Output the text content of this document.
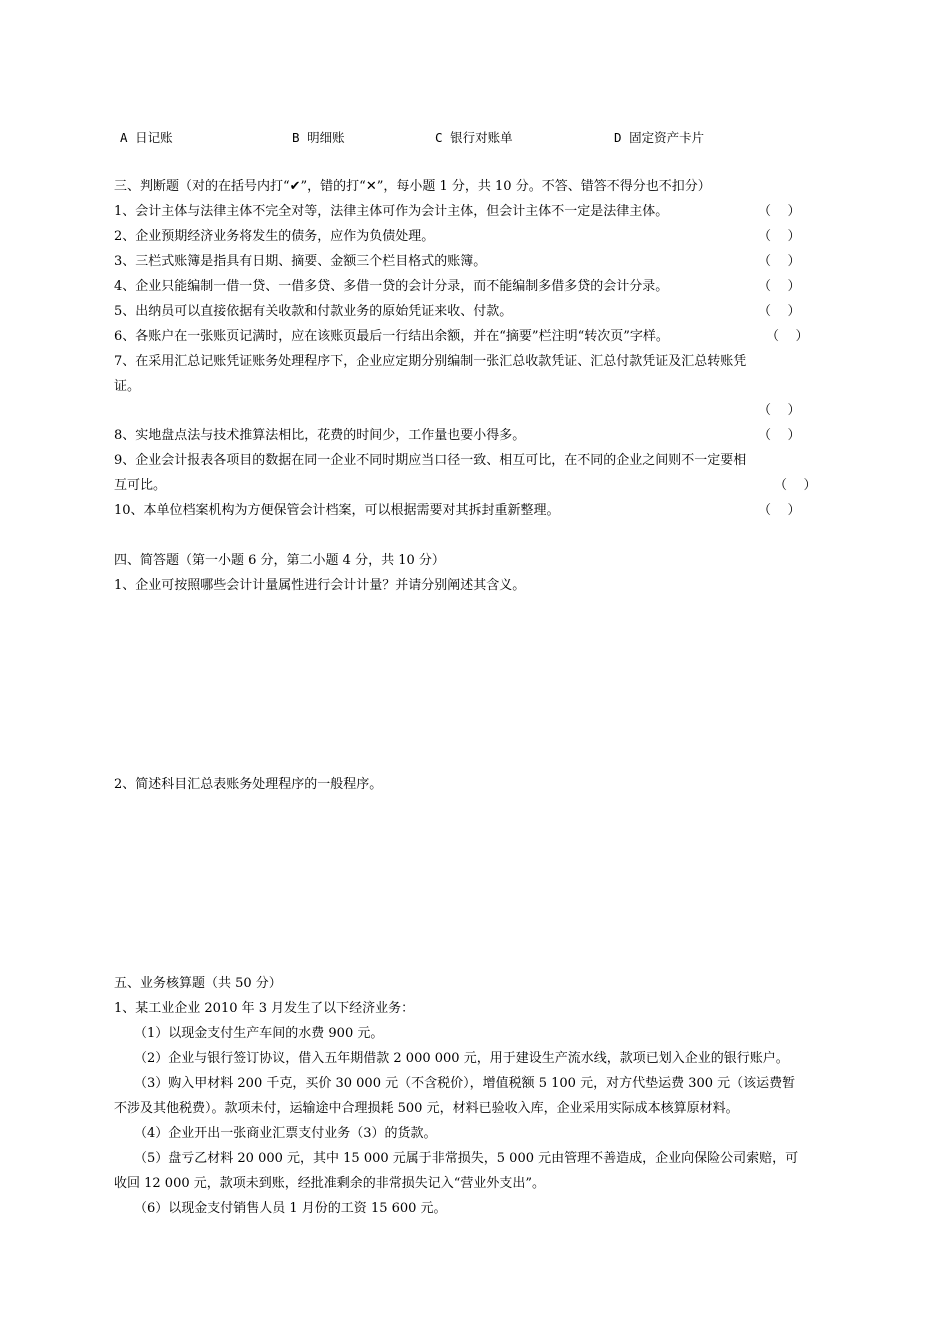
A 日记账	B 明细账	C 银行对账单	D 固定资产卡片
三、判断题（对的在括号内打“✔”，错的打“✕”，每小题 1 分，共 10 分。不答、错答不得分也不扣分）
1、会计主体与法律主体不完全对等，法律主体可作为会计主体，但会计主体不一定是法律主体。	（    ）
2、企业预期经济业务将发生的债务，应作为负债处理。	（    ）
3、三栏式账簿是指具有日期、摘要、金额三个栏目格式的账簿。	（    ）
4、企业只能编制一借一贷、一借多贷、多借一贷的会计分录，而不能编制多借多贷的会计分录。	（    ）
5、出纳员可以直接依据有关收款和付款业务的原始凭证来收、付款。	（    ）
6、各账户在一张账页记满时，应在该账页最后一行结出余额，并在“摘要”栏注明“转次页”字样。	（    ）
7、在采用汇总记账凭证账务处理程序下，企业应定期分别编制一张汇总收款凭证、汇总付款凭证及汇总转账凭
证。
（    ）
8、实地盘点法与技术推算法相比，花费的时间少，工作量也要小得多。	（    ）
9、企业会计报表各项目的数据在同一企业不同时期应当口径一致、相互可比，在不同的企业之间则不一定要相
互可比。	（    ）
10、本单位档案机构为方便保管会计档案，可以根据需要对其拆封重新整理。	（    ）
四、简答题（第一小题 6 分，第二小题 4 分，共 10 分）
1、企业可按照哪些会计计量属性进行会计计量？并请分别阐述其含义。
2、简述科目汇总表账务处理程序的一般程序。
五、业务核算题（共 50 分）
1、某工业企业 2010 年 3 月发生了以下经济业务：
（1）以现金支付生产车间的水费 900 元。
（2）企业与银行签订协议，借入五年期借款 2 000 000 元，用于建设生产流水线，款项已划入企业的银行账户。
（3）购入甲材料 200 千克，买价 30 000 元（不含税价），增值税额 5 100 元，对方代垫运费 300 元（该运费暂
不涉及其他税费）。款项未付，运输途中合理损耗 500 元，材料已验收入库，企业采用实际成本核算原材料。
（4）企业开出一张商业汇票支付业务（3）的货款。
（5）盘亏乙材料 20 000 元，其中 15 000 元属于非常损失，5 000 元由管理不善造成，企业向保险公司索赔，可
收回 12 000 元，款项未到账，经批准剩余的非常损失记入“营业外支出”。
（6）以现金支付销售人员 1 月份的工资 15 600 元。
